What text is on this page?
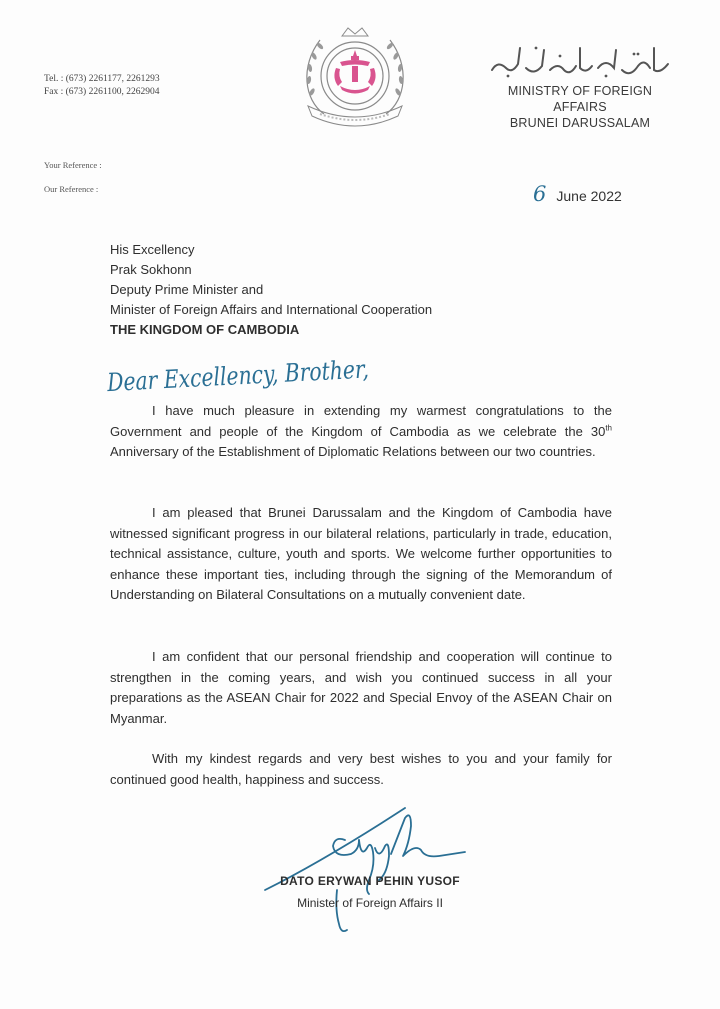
Tel. : (673) 2261177, 2261293
Fax : (673) 2261100, 2262904	MINISTRY OF FOREIGN AFFAIRS
BRUNEI DARUSSALAM
Your Reference :
Our Reference :	6 June 2022
His Excellency
Prak Sokhonn
Deputy Prime Minister and
Minister of Foreign Affairs and International Cooperation
THE KINGDOM OF CAMBODIA
Dear Excellency, Brother,

I have much pleasure in extending my warmest congratulations to the Government and people of the Kingdom of Cambodia as we celebrate the 30th Anniversary of the Establishment of Diplomatic Relations between our two countries.

I am pleased that Brunei Darussalam and the Kingdom of Cambodia have witnessed significant progress in our bilateral relations, particularly in trade, education, technical assistance, culture, youth and sports. We welcome further opportunities to enhance these important ties, including through the signing of the Memorandum of Understanding on Bilateral Consultations on a mutually convenient date.

I am confident that our personal friendship and cooperation will continue to strengthen in the coming years, and wish you continued success in all your preparations as the ASEAN Chair for 2022 and Special Envoy of the ASEAN Chair on Myanmar.

With my kindest regards and very best wishes to you and your family for continued good health, happiness and success.

DATO ERYWAN PEHIN YUSOF
Minister of Foreign Affairs II
